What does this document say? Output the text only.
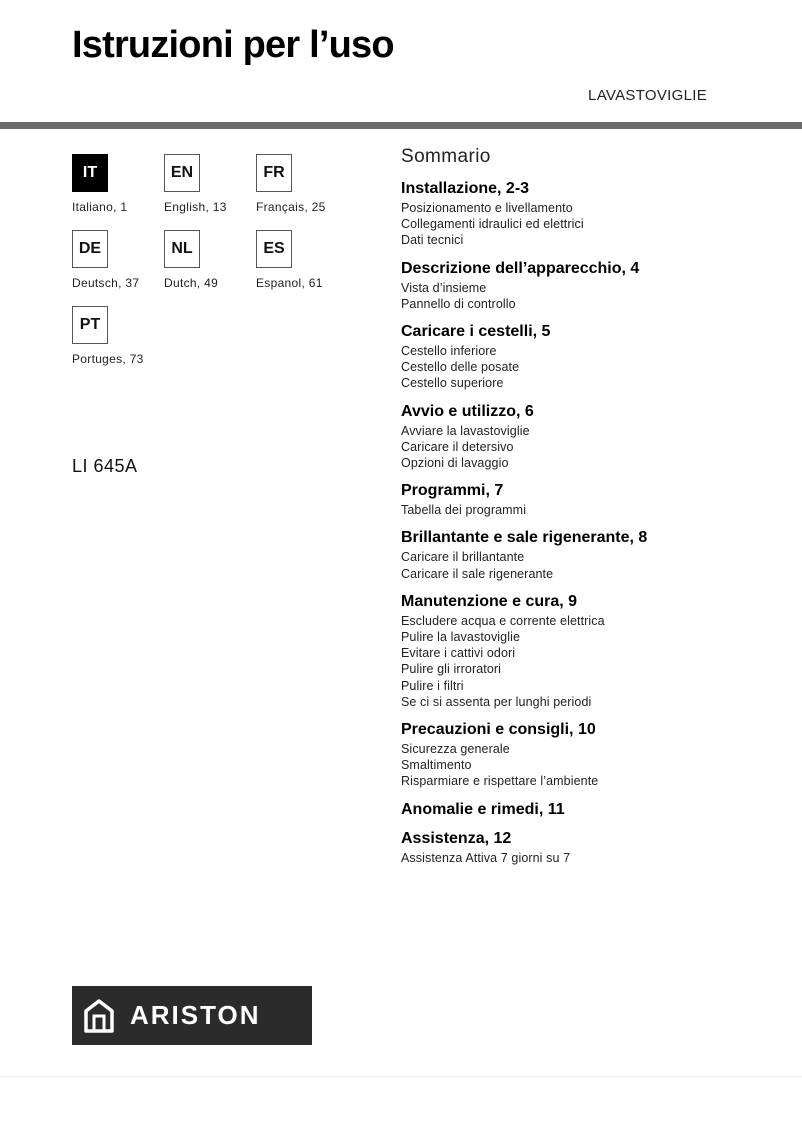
Istruzioni per l’uso
LAVASTOVIGLIE
IT
Italiano, 1
EN
English, 13
FR
Français, 25
DE
Deutsch, 37
NL
Dutch, 49
ES
Espanol, 61
PT
Portuges, 73
LI 645A
Sommario
Installazione, 2-3
Posizionamento e livellamento
Collegamenti idraulici ed elettrici
Dati tecnici
Descrizione dell’apparecchio, 4
Vista d’insieme
Pannello di controllo
Caricare i cestelli, 5
Cestello inferiore
Cestello delle posate
Cestello superiore
Avvio e utilizzo, 6
Avviare la lavastoviglie
Caricare il detersivo
Opzioni di lavaggio
Programmi, 7
Tabella dei programmi
Brillantante e sale rigenerante, 8
Caricare il brillantante
Caricare il sale rigenerante
Manutenzione e cura, 9
Escludere acqua e corrente elettrica
Pulire la lavastoviglie
Evitare i cattivi odori
Pulire gli irroratori
Pulire i filtri
Se ci si assenta per lunghi periodi
Precauzioni e consigli, 10
Sicurezza generale
Smaltimento
Risparmiare e rispettare l’ambiente
Anomalie e rimedi, 11
Assistenza, 12
Assistenza Attiva 7 giorni su 7
ARISTON
